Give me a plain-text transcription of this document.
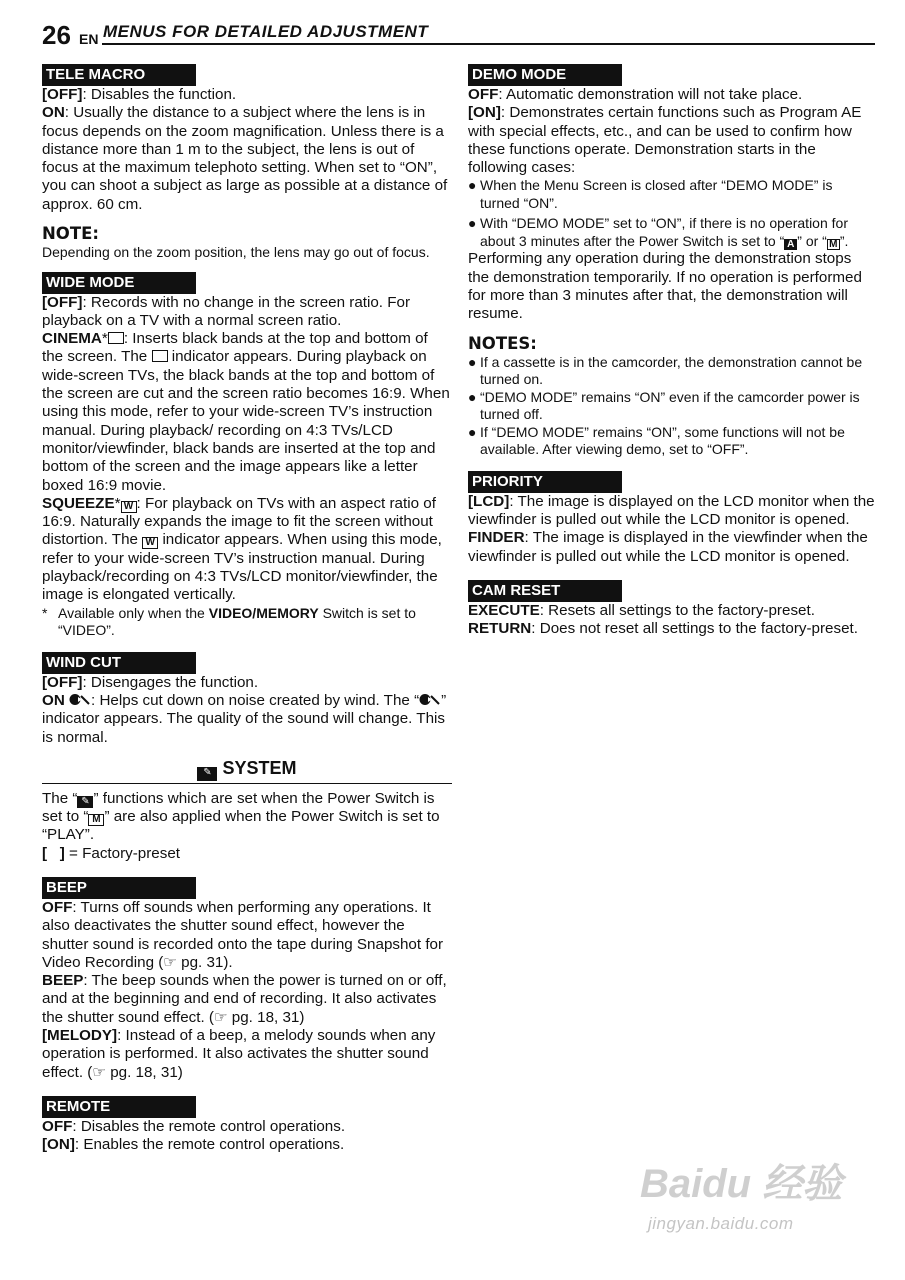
26 EN MENUS FOR DETAILED ADJUSTMENT
TELE MACRO

[OFF]: Disables the function.

ON: Usually the distance to a subject where the lens is in focus depends on the zoom magnification. Unless there is a distance more than 1 m to the subject, the lens is out of focus at the maximum telephoto setting. When set to “ON”, you can shoot a subject as large as possible at a distance of approx. 60 cm.

NOTE:

Depending on the zoom position, the lens may go out of focus.

WIDE MODE

[OFF]: Records with no change in the screen ratio. For playback on a TV with a normal screen ratio.

CINEMA* : Inserts black bands at the top and bottom of the screen. The indicator appears. During playback on wide-screen TVs, the black bands at the top and bottom of the screen are cut and the screen ratio becomes 16:9. When using this mode, refer to your wide-screen TV’s instruction manual. During playback/ recording on 4:3 TVs/LCD monitor/viewfinder, black bands are inserted at the top and bottom of the screen and the image appears like a letter boxed 16:9 movie.

SQUEEZE* W : For playback on TVs with an aspect ratio of 16:9. Naturally expands the image to fit the screen without distortion. The W indicator appears. When using this mode, refer to your wide-screen TV’s instruction manual. During playback/recording on 4:3 TVs/LCD monitor/viewfinder, the image is elongated vertically.

* Available only when the VIDEO/MEMORY Switch is set to “VIDEO”.
WIND CUT

[OFF]: Disengages the function.

ON : Helps cut down on noise created by wind. The “ ” indicator appears. The quality of the sound will change. This is normal.

✎ SYSTEM

The “ ✎ ” functions which are set when the Power Switch is set to “ M ” are also applied when the Power Switch is set to “PLAY”.

[   ] = Factory-preset

BEEP

OFF: Turns off sounds when performing any operations. It also deactivates the shutter sound effect, however the shutter sound is recorded onto the tape during Snapshot for Video Recording (☞ pg. 31).

BEEP: The beep sounds when the power is turned on or off, and at the beginning and end of recording. It also activates the shutter sound effect. (☞ pg. 18, 31)

[MELODY]: Instead of a beep, a melody sounds when any operation is performed. It also activates the shutter sound effect. (☞ pg. 18, 31)

REMOTE

OFF: Disables the remote control operations.

[ON]: Enables the remote control operations.

DEMO MODE

OFF: Automatic demonstration will not take place.

[ON]: Demonstrates certain functions such as Program AE with special effects, etc., and can be used to confirm how these functions operate. Demonstration starts in the following cases:

● When the Menu Screen is closed after “DEMO MODE” is turned “ON”.
● With “DEMO MODE” set to “ON”, if there is no operation for about 3 minutes after the Power Switch is set to “ A ” or “ M ”.

Performing any operation during the demonstration stops the demonstration temporarily. If no operation is performed for more than 3 minutes after that, the demonstration will resume.

NOTES:
● If a cassette is in the camcorder, the demonstration cannot be turned on.
● “DEMO MODE” remains “ON” even if the camcorder power is turned off.
● If “DEMO MODE” remains “ON”, some functions will not be available. After viewing demo, set to “OFF”.
PRIORITY

[LCD]: The image is displayed on the LCD monitor when the viewfinder is pulled out while the LCD monitor is opened.

FINDER: The image is displayed in the viewfinder when the viewfinder is pulled out while the LCD monitor is opened.

CAM RESET

EXECUTE: Resets all settings to the factory-preset.

RETURN: Does not reset all settings to the factory-preset.

Baidu 经验
jingyan.baidu.com
